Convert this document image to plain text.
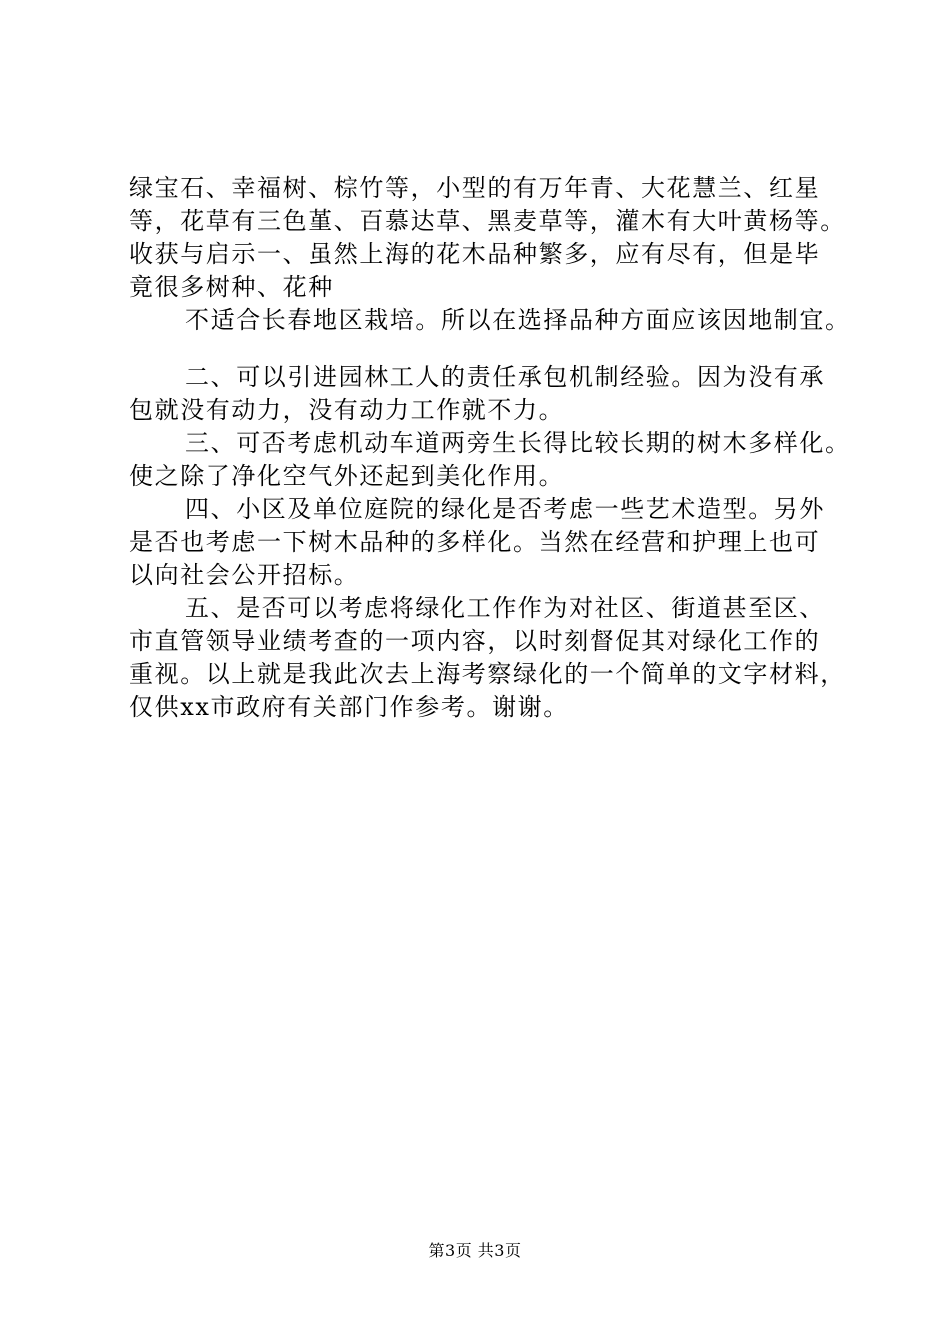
绿宝石、幸福树、棕竹等，小型的有万年青、大花慧兰、红星
等，花草有三色堇、百慕达草、黑麦草等，灌木有大叶黄杨等。
收获与启示一、虽然上海的花木品种繁多，应有尽有，但是毕
竟很多树种、花种
不适合长春地区栽培。所以在选择品种方面应该因地制宜。
二、可以引进园林工人的责任承包机制经验。因为没有承
包就没有动力，没有动力工作就不力。
三、可否考虑机动车道两旁生长得比较长期的树木多样化。
使之除了净化空气外还起到美化作用。
四、小区及单位庭院的绿化是否考虑一些艺术造型。另外
是否也考虑一下树木品种的多样化。当然在经营和护理上也可
以向社会公开招标。
五、是否可以考虑将绿化工作作为对社区、街道甚至区、
市直管领导业绩考查的一项内容，以时刻督促其对绿化工作的
重视。以上就是我此次去上海考察绿化的一个简单的文字材料，
仅供xx市政府有关部门作参考。谢谢。
第3页 共3页
